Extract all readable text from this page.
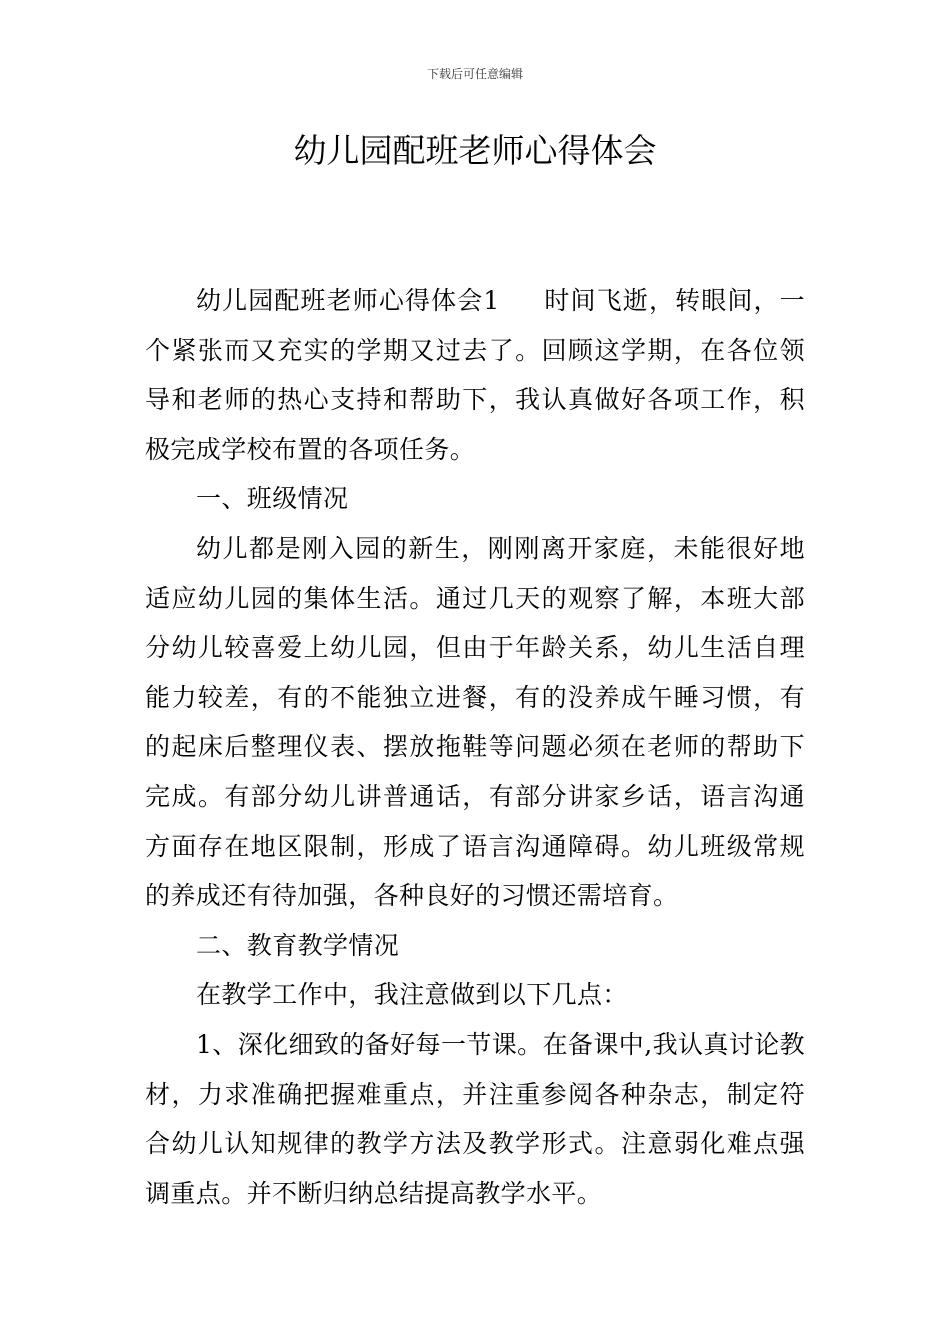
下载后可任意编辑
幼儿园配班老师心得体会

幼儿园配班老师心得体会1 时间飞逝，转眼间，一个紧张而又充实的学期又过去了。回顾这学期，在各位领导和老师的热心支持和帮助下，我认真做好各项工作，积极完成学校布置的各项任务。

一、班级情况

幼儿都是刚入园的新生，刚刚离开家庭，未能很好地适应幼儿园的集体生活。通过几天的观察了解，本班大部分幼儿较喜爱上幼儿园，但由于年龄关系，幼儿生活自理能力较差，有的不能独立进餐，有的没养成午睡习惯，有的起床后整理仪表、摆放拖鞋等问题必须在老师的帮助下完成。有部分幼儿讲普通话，有部分讲家乡话，语言沟通方面存在地区限制，形成了语言沟通障碍。幼儿班级常规的养成还有待加强，各种良好的习惯还需培育。

二、教育教学情况

在教学工作中，我注意做到以下几点：

1、深化细致的备好每一节课。在备课中,我认真讨论教材，力求准确把握难重点，并注重参阅各种杂志，制定符合幼儿认知规律的教学方法及教学形式。注意弱化难点强调重点。并不断归纳总结提高教学水平。
